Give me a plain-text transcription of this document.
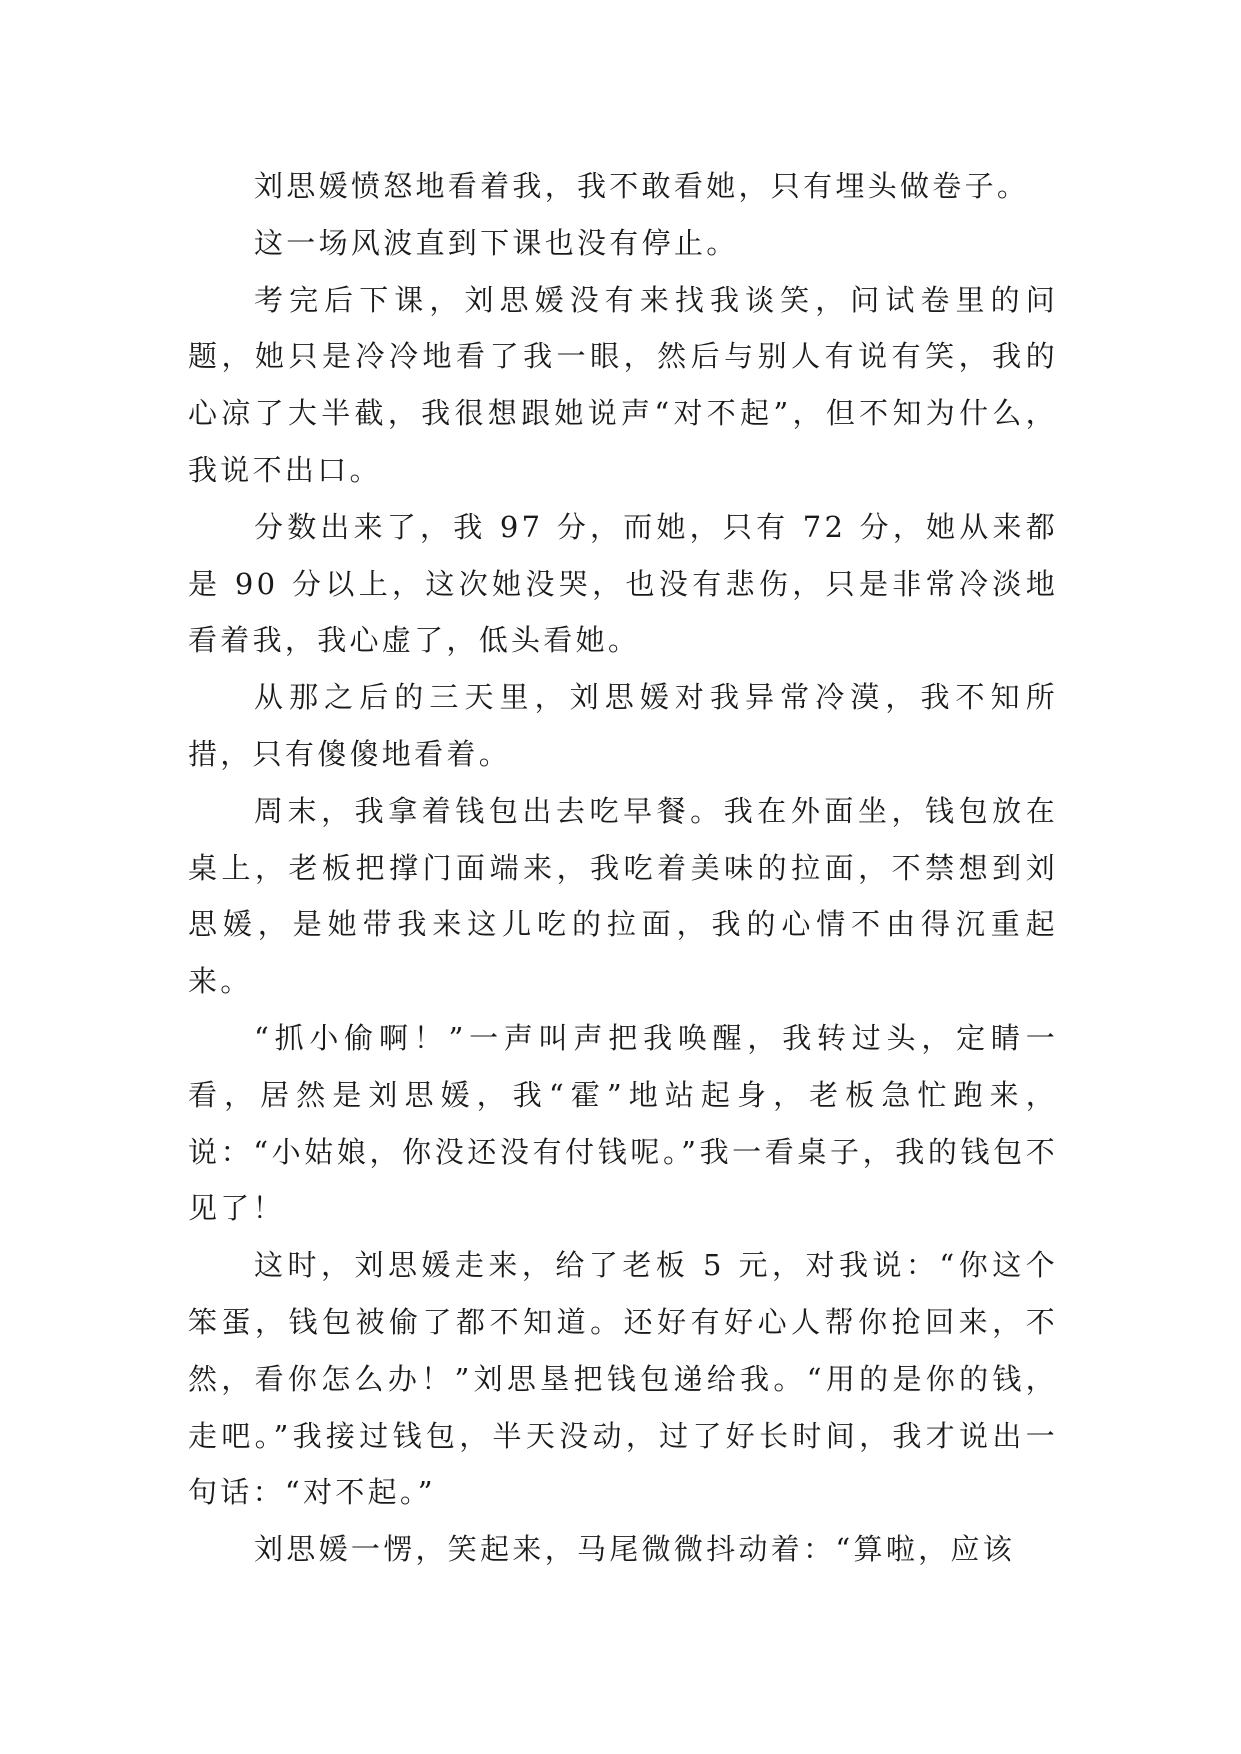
刘思媛愤怒地看着我，我不敢看她，只有埋头做卷子。

这一场风波直到下课也没有停止。

考完后下课，刘思媛没有来找我谈笑，问试卷里的问题，她只是冷冷地看了我一眼，然后与别人有说有笑，我的心凉了大半截，我很想跟她说声“对不起”，但不知为什么，我说不出口。

分数出来了，我 97 分，而她，只有 72 分，她从来都是 90 分以上，这次她没哭，也没有悲伤，只是非常冷淡地看着我，我心虚了，低头看她。

从那之后的三天里，刘思媛对我异常冷漠，我不知所措，只有傻傻地看着。

周末，我拿着钱包出去吃早餐。我在外面坐，钱包放在桌上，老板把撑门面端来，我吃着美味的拉面，不禁想到刘思媛，是她带我来这儿吃的拉面，我的心情不由得沉重起来。

“抓小偷啊！”一声叫声把我唤醒，我转过头，定睛一看，居然是刘思媛，我“霍”地站起身，老板急忙跑来，说：“小姑娘，你没还没有付钱呢。”我一看桌子，我的钱包不见了！

这时，刘思媛走来，给了老板 5 元，对我说：“你这个笨蛋，钱包被偷了都不知道。还好有好心人帮你抢回来，不然，看你怎么办！”刘思垦把钱包递给我。“用的是你的钱，走吧。”我接过钱包，半天没动，过了好长时间，我才说出一句话：“对不起。”

刘思媛一愣，笑起来，马尾微微抖动着：“算啦，应该
